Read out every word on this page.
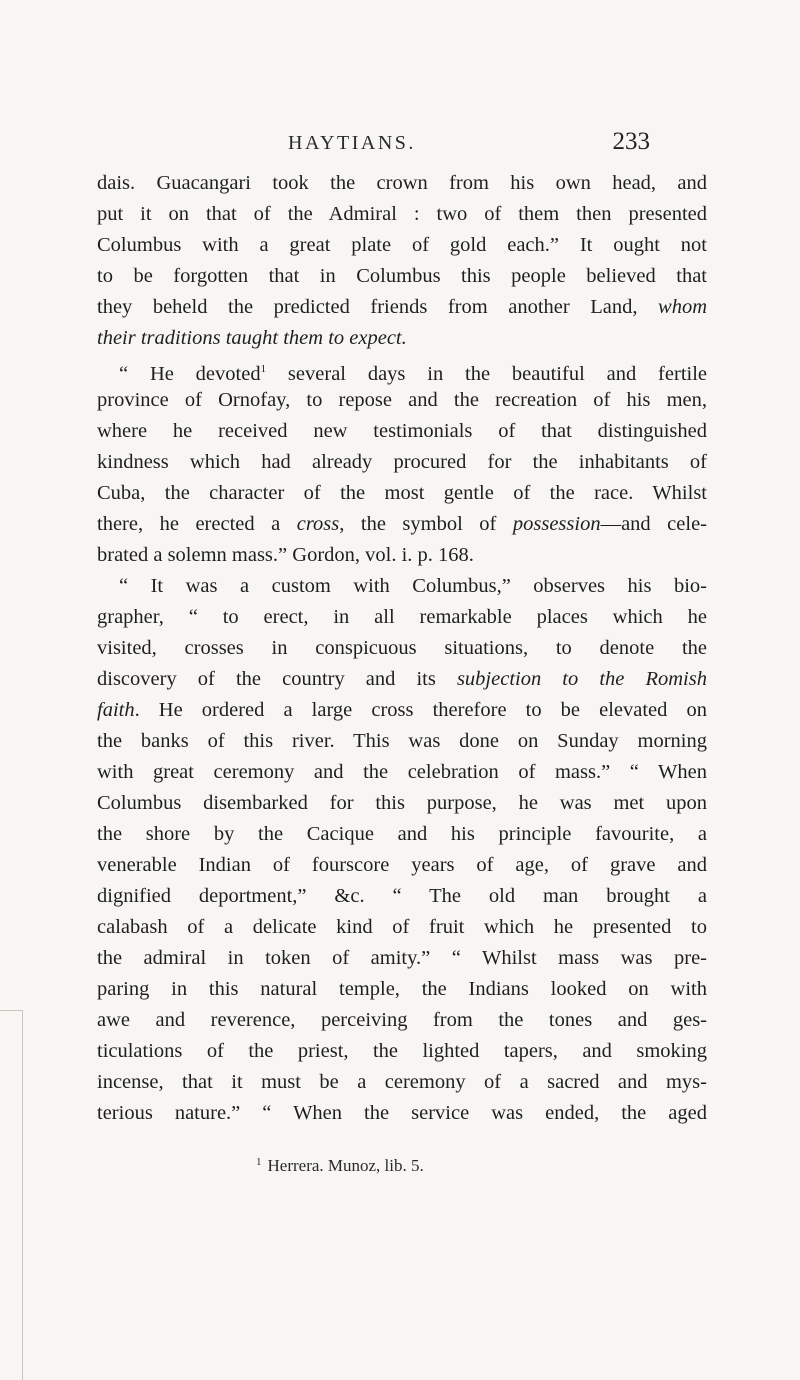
HAYTIANS.	233
dais. Guacangari took the crown from his own head, and
put it on that of the Admiral : two of them then presented
Columbus with a great plate of gold each.” It ought not
to be forgotten that in Columbus this people believed that
they beheld the predicted friends from another Land, whom
their traditions taught them to expect.
“ He devoted$^1$ several days in the beautiful and fertile
province of Ornofay, to repose and the recreation of his men,
where he received new testimonials of that distinguished
kindness which had already procured for the inhabitants of
Cuba, the character of the most gentle of the race. Whilst
there, he erected a cross, the symbol of possession—and cele-
brated a solemn mass.” Gordon, vol. i. p. 168.
“ It was a custom with Columbus,” observes his bio-
grapher, “ to erect, in all remarkable places which he
visited, crosses in conspicuous situations, to denote the
discovery of the country and its subjection to the Romish
faith. He ordered a large cross therefore to be elevated on
the banks of this river. This was done on Sunday morning
with great ceremony and the celebration of mass.” “ When
Columbus disembarked for this purpose, he was met upon
the shore by the Cacique and his principle favourite, a
venerable Indian of fourscore years of age, of grave and
dignified deportment,” &c. “ The old man brought a
calabash of a delicate kind of fruit which he presented to
the admiral in token of amity.” “ Whilst mass was pre-
paring in this natural temple, the Indians looked on with
awe and reverence, perceiving from the tones and ges-
ticulations of the priest, the lighted tapers, and smoking
incense, that it must be a ceremony of a sacred and mys-
terious nature.” “ When the service was ended, the aged
$^1$ Herrera. Munoz, lib. 5.
